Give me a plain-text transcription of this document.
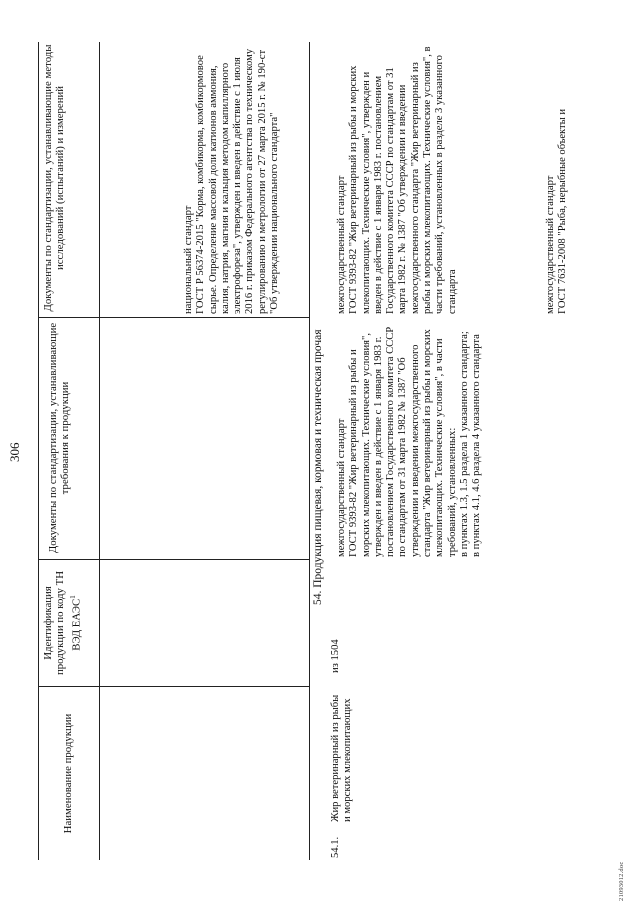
306
Наименование продукции
Идентификация продукции по коду ТН ВЭД ЕАЭС$^1$
Документы по стандартизации, устанавливающие требования к продукции
Документы по стандартизации, устанавливающие методы исследований (испытаний) и измерений	национальный стандарт ГОСТ Р 56374-2015 "Корма, комбикорма, комбикормовое сырье. Определение массовой доли катионов аммония, калия, натрия, магния и кальция методом капиллярного электрофореза", утвержден и введен в действие с 1 июля 2016 г. приказом Федерального агентства по техническому регулированию и метрологии от 27 марта 2015 г. № 190-ст "Об утверждении национального стандарта"
54. Продукция пищевая, кормовая и техническая прочая
54.1.
Жир ветеринарный из рыбы и морских млекопитающих
из 1504
межгосударственный стандарт ГОСТ 9393-82 "Жир ветеринарный из рыбы и морских млекопитающих. Технические условия", утвержден и введен в действие с 1 января 1983 г. постановлением Государственного комитета СССР по стандартам от 31 марта 1982 № 1387 "Об утверждении и введении межгосударственного стандарта "Жир ветеринарный из рыбы и морских млекопитающих. Технические условия", в части требований, установленных: в пунктах 1.3, 1.5 раздела 1 указанного стандарта; в пунктах 4.1, 4.6 раздела 4 указанного стандарта
межгосударственный стандарт ГОСТ 9393-82 "Жир ветеринарный из рыбы и морских млекопитающих. Технические условия", утвержден и введен в действие с 1 января 1983 г. постановлением Государственного комитета СССР по стандартам от 31 марта 1982 г. № 1387 "Об утверждении и введении межгосударственного стандарта "Жир ветеринарный из рыбы и морских млекопитающих. Технические условия", в части требований, установленных в разделе 3 указанного стандарта	межгосударственный стандарт ГОСТ 7631-2008 "Рыба, нерыбные объекты и
21093012.doc
